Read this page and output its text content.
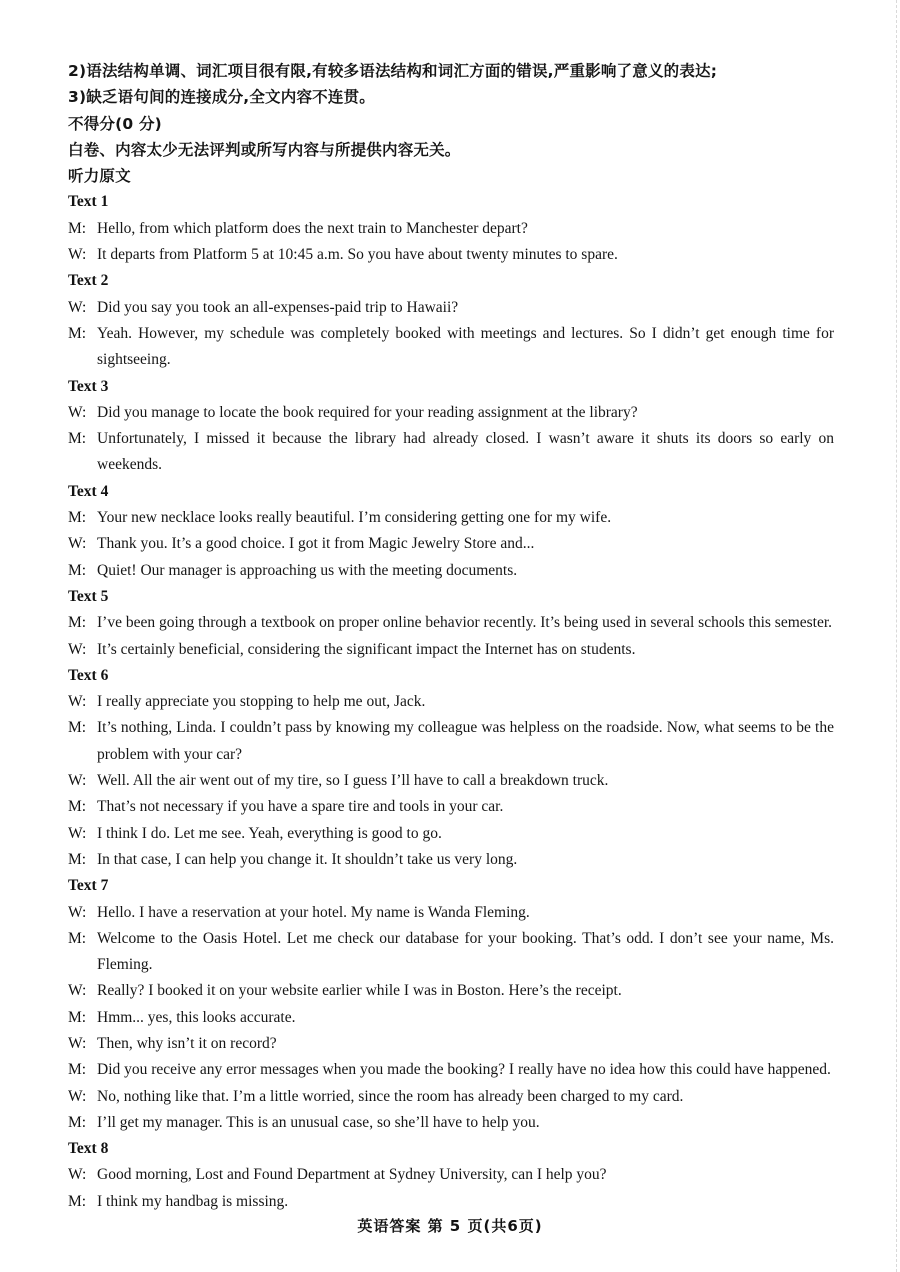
2)语法结构单调、词汇项目很有限,有较多语法结构和词汇方面的错误,严重影响了意义的表达;
3)缺乏语句间的连接成分,全文内容不连贯。
不得分(0 分)
白卷、内容太少无法评判或所写内容与所提供内容无关。
听力原文
Text 1
M: Hello, from which platform does the next train to Manchester depart?
W: It departs from Platform 5 at 10:45 a.m. So you have about twenty minutes to spare.
Text 2
W: Did you say you took an all-expenses-paid trip to Hawaii?
M: Yeah. However, my schedule was completely booked with meetings and lectures. So I didn’t get enough time for sightseeing.
Text 3
W: Did you manage to locate the book required for your reading assignment at the library?
M: Unfortunately, I missed it because the library had already closed. I wasn’t aware it shuts its doors so early on weekends.
Text 4
M: Your new necklace looks really beautiful. I’m considering getting one for my wife.
W: Thank you. It’s a good choice. I got it from Magic Jewelry Store and...
M: Quiet! Our manager is approaching us with the meeting documents.
Text 5
M: I’ve been going through a textbook on proper online behavior recently. It’s being used in several schools this semester.
W: It’s certainly beneficial, considering the significant impact the Internet has on students.
Text 6
W: I really appreciate you stopping to help me out, Jack.
M: It’s nothing, Linda. I couldn’t pass by knowing my colleague was helpless on the roadside. Now, what seems to be the problem with your car?
W: Well. All the air went out of my tire, so I guess I’ll have to call a breakdown truck.
M: That’s not necessary if you have a spare tire and tools in your car.
W: I think I do. Let me see. Yeah, everything is good to go.
M: In that case, I can help you change it. It shouldn’t take us very long.
Text 7
W: Hello. I have a reservation at your hotel. My name is Wanda Fleming.
M: Welcome to the Oasis Hotel. Let me check our database for your booking. That’s odd. I don’t see your name, Ms. Fleming.
W: Really? I booked it on your website earlier while I was in Boston. Here’s the receipt.
M: Hmm... yes, this looks accurate.
W: Then, why isn’t it on record?
M: Did you receive any error messages when you made the booking? I really have no idea how this could have happened.
W: No, nothing like that. I’m a little worried, since the room has already been charged to my card.
M: I’ll get my manager. This is an unusual case, so she’ll have to help you.
Text 8
W: Good morning, Lost and Found Department at Sydney University, can I help you?
M: I think my handbag is missing.
英语答案 第 5 页(共6页)
